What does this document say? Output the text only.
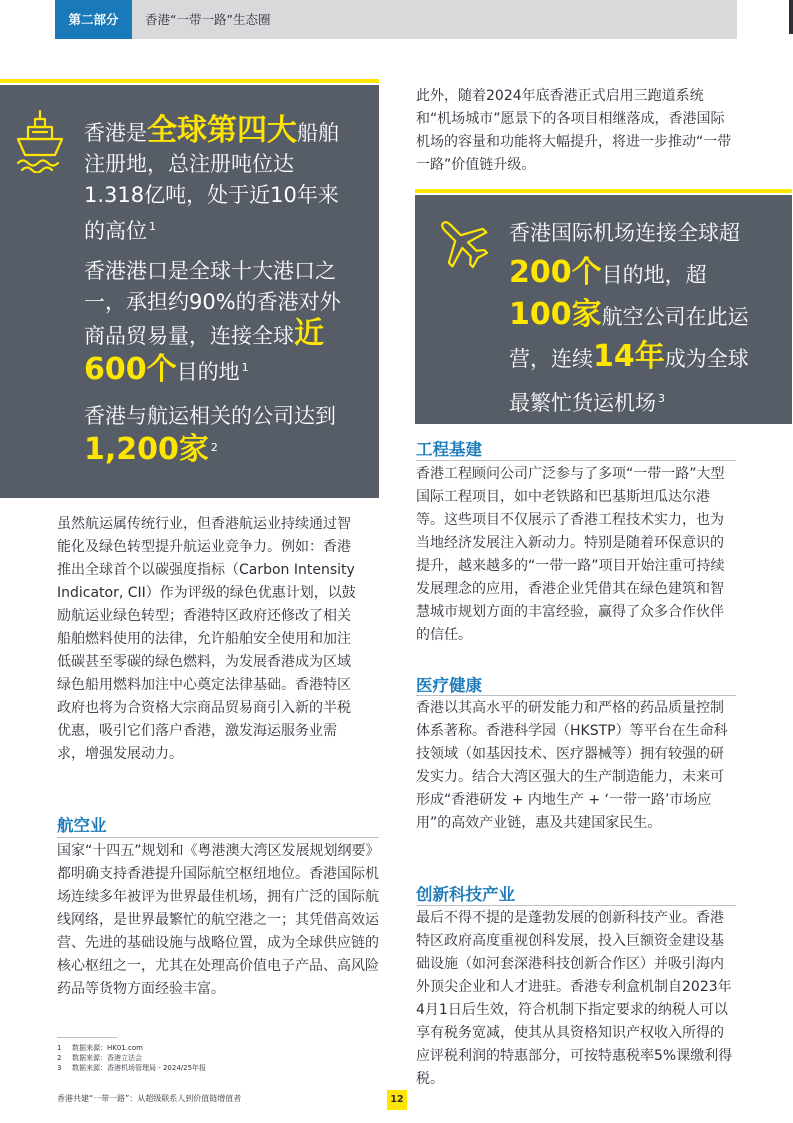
第二部分	香港“一带一路”生态圈
香港是全球第四大船舶注册地，总注册吨位达1.318亿吨，处于近10年来的高位 $^1$
香港港口是全球十大港口之一，承担约90%的香港对外商品贸易量，连接全球近600个目的地 $^1$
香港与航运相关的公司达到1,200家 $^2$
虽然航运属传统行业，但香港航运业持续通过智能化及绿色转型提升航运业竞争力。例如：香港推出全球首个以碳强度指标（Carbon Intensity Indicator, CII）作为评级的绿色优惠计划，以鼓励航运业绿色转型；香港特区政府还修改了相关船舶燃料使用的法律，允许船舶安全使用和加注低碳甚至零碳的绿色燃料，为发展香港成为区域绿色船用燃料加注中心奠定法律基础。香港特区政府也将为合资格大宗商品贸易商引入新的半税优惠，吸引它们落户香港，激发海运服务业需求，增强发展动力。
航空业
国家“十四五”规划和《粤港澳大湾区发展规划纲要》都明确支持香港提升国际航空枢纽地位。香港国际机场连续多年被评为世界最佳机场，拥有广泛的国际航线网络，是世界最繁忙的航空港之一；其凭借高效运营、先进的基础设施与战略位置，成为全球供应链的核心枢纽之一，尤其在处理高价值电子产品、高风险药品等货物方面经验丰富。
1 数据来源：HK01.com
2 数据来源：香港立法会
3 数据来源：香港机场管理局 - 2024/25年报
香港共建“一带一路”：从超级联系人到价值链增值者	12
此外，随着2024年底香港正式启用三跑道系统和“机场城市”愿景下的各项目相继落成，香港国际机场的容量和功能将大幅提升，将进一步推动“一带一路”价值链升级。
香港国际机场连接全球超200个目的地，超100家航空公司在此运营，连续14年成为全球最繁忙货运机场 $^3$
工程基建
香港工程顾问公司广泛参与了多项“一带一路”大型国际工程项目，如中老铁路和巴基斯坦瓜达尔港等。这些项目不仅展示了香港工程技术实力，也为当地经济发展注入新动力。特别是随着环保意识的提升，越来越多的“一带一路”项目开始注重可持续发展理念的应用，香港企业凭借其在绿色建筑和智慧城市规划方面的丰富经验，赢得了众多合作伙伴的信任。
医疗健康
香港以其高水平的研发能力和严格的药品质量控制体系著称。香港科学园（HKSTP）等平台在生命科技领域（如基因技术、医疗器械等）拥有较强的研发实力。结合大湾区强大的生产制造能力，未来可形成“香港研发 + 内地生产 + ‘一带一路’市场应用”的高效产业链，惠及共建国家民生。
创新科技产业
最后不得不提的是蓬勃发展的创新科技产业。香港特区政府高度重视创科发展，投入巨额资金建设基础设施（如河套深港科技创新合作区）并吸引海内外顶尖企业和人才进驻。香港专利盒机制自2023年4月1日后生效，符合机制下指定要求的纳税人可以享有税务宽减，使其从具资格知识产权收入所得的应评税利润的特惠部分，可按特惠税率5%课缴利得税。
